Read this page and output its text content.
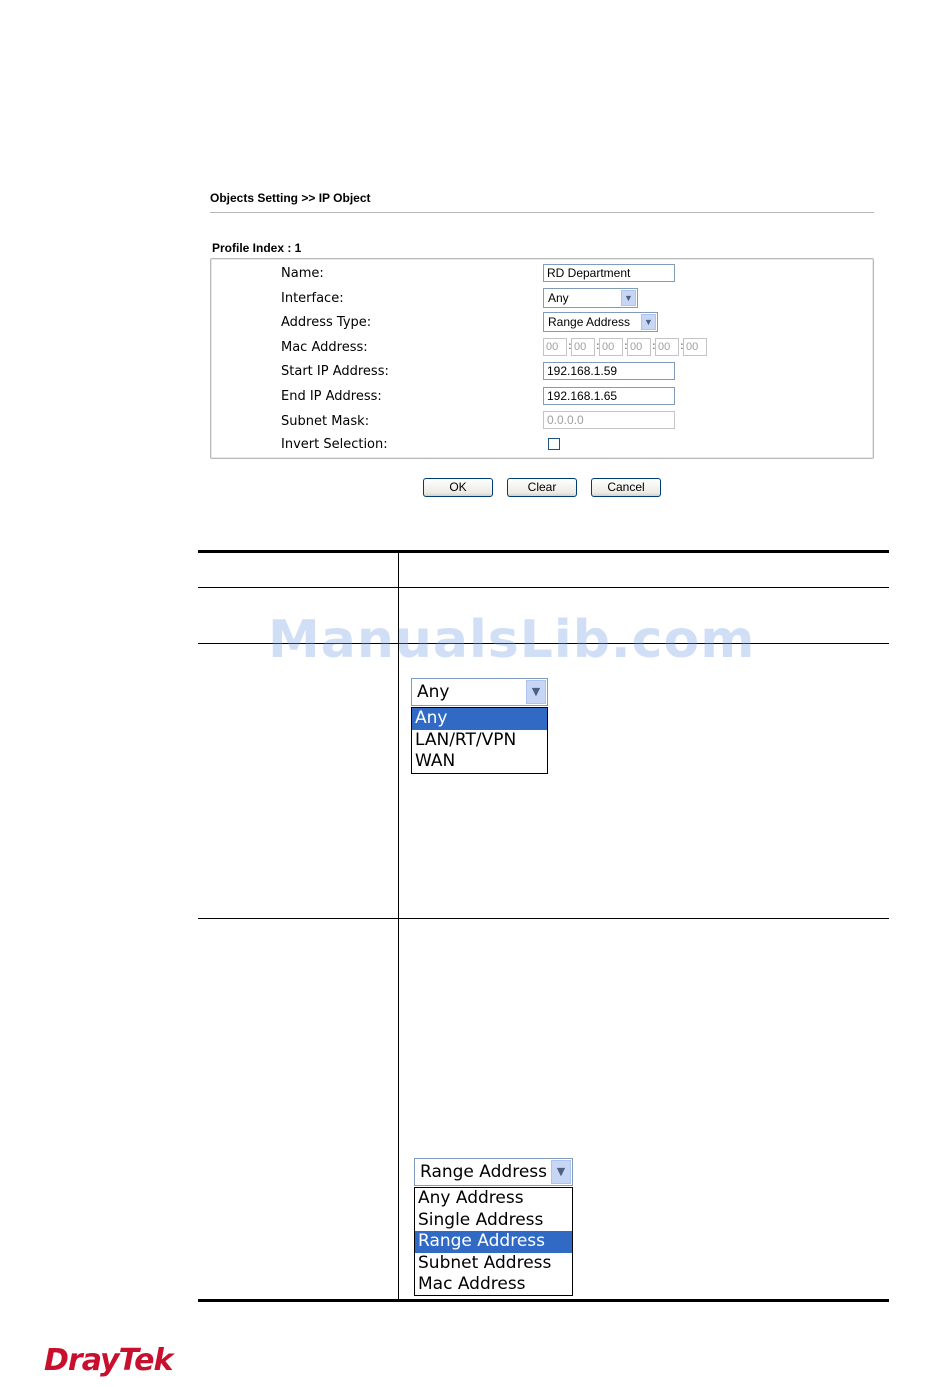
Objects Setting >> IP Object
Profile Index : 1
Name:	RD Department
Interface:	Any	▼
Address Type:	Range Address	▼
Mac Address:	00 : 00 : 00 : 00 : 00 : 00
Start IP Address:	192.168.1.59
End IP Address:	192.168.1.65
Subnet Mask:	0.0.0.0
Invert Selection:
OK	Clear	Cancel
ManualsLib.com
Any	▼
Any
LAN/RT/VPN
WAN
Range Address ▼
Any Address
Single Address
Range Address
Subnet Address
Mac Address
DrayTek
